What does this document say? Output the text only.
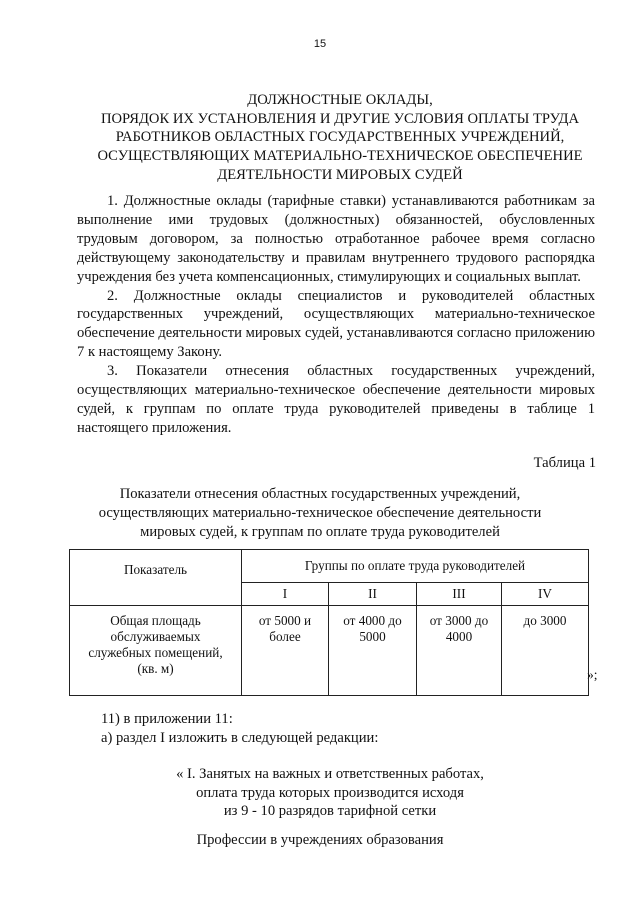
15
ДОЛЖНОСТНЫЕ ОКЛАДЫ,
ПОРЯДОК ИХ УСТАНОВЛЕНИЯ И ДРУГИЕ УСЛОВИЯ ОПЛАТЫ ТРУДА
РАБОТНИКОВ ОБЛАСТНЫХ ГОСУДАРСТВЕННЫХ УЧРЕЖДЕНИЙ,
ОСУЩЕСТВЛЯЮЩИХ МАТЕРИАЛЬНО-ТЕХНИЧЕСКОЕ ОБЕСПЕЧЕНИЕ
ДЕЯТЕЛЬНОСТИ МИРОВЫХ СУДЕЙ

1. Должностные оклады (тарифные ставки) устанавливаются работникам за выполнение ими трудовых (должностных) обязанностей, обусловленных трудовым договором, за полностью отработанное рабочее время согласно действующему законодательству и правилам внутреннего трудового распорядка учреждения без учета компенсационных, стимулирующих и социальных выплат.

2. Должностные оклады специалистов и руководителей областных государственных учреждений, осуществляющих материально-техническое обеспечение деятельности мировых судей, устанавливаются согласно приложению 7 к настоящему Закону.

3. Показатели отнесения областных государственных учреждений, осуществляющих материально-техническое обеспечение деятельности мировых судей, к группам по оплате труда руководителей приведены в таблице 1 настоящего приложения.

Таблица 1
Показатели отнесения областных государственных учреждений,
осуществляющих материально-техническое обеспечение деятельности
мировых судей, к группам по оплате труда руководителей
Показатель	Группы по оплате труда руководителей			
	I	II	III	IV
Общая площадь обслуживаемых служебных помещений, (кв. м)	от 5000 и более	от 4000 до 5000	от 3000 до 4000	до 3000
»;
11) в приложении 11:
а) раздел I изложить в следующей редакции:
« I. Занятых на важных и ответственных работах,
оплата труда которых производится исходя
из 9 - 10 разрядов тарифной сетки
Профессии в учреждениях образования
